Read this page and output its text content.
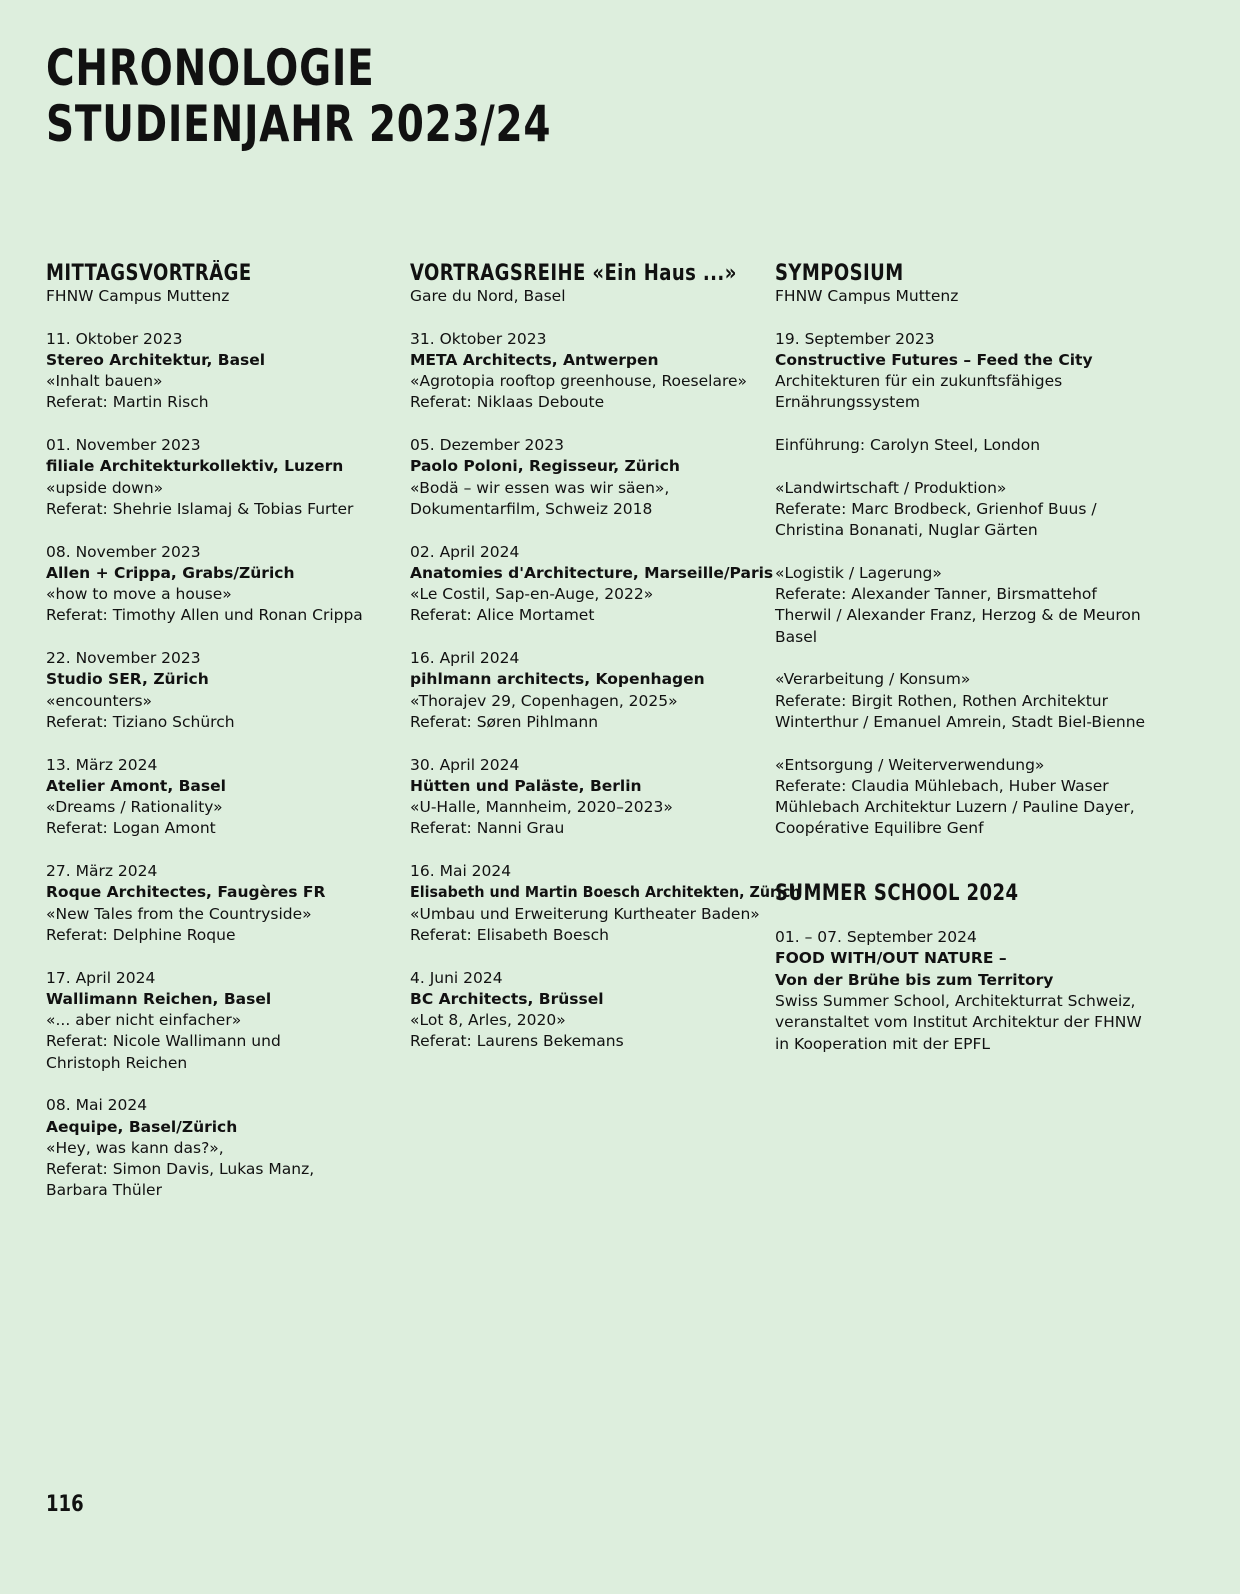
CHRONOLOGIE
STUDIENJAHR 2023/24
MITTAGSVORTRÄGE
FHNW Campus Muttenz
11. Oktober 2023
Stereo Architektur, Basel
«Inhalt bauen»
Referat: Martin Risch
01. November 2023
filiale Architekturkollektiv, Luzern
«upside down»
Referat: Shehrie Islamaj & Tobias Furter
08. November 2023
Allen + Crippa, Grabs/Zürich
«how to move a house»
Referat: Timothy Allen und Ronan Crippa
22. November 2023
Studio SER, Zürich
«encounters»
Referat: Tiziano Schürch
13. März 2024
Atelier Amont, Basel
«Dreams / Rationality»
Referat: Logan Amont
27. März 2024
Roque Architectes, Faugères FR
«New Tales from the Countryside»
Referat: Delphine Roque
17. April 2024
Wallimann Reichen, Basel
«... aber nicht einfacher»
Referat: Nicole Wallimann und
Christoph Reichen
08. Mai 2024
Aequipe, Basel/Zürich
«Hey, was kann das?»,
Referat: Simon Davis, Lukas Manz,
Barbara Thüler
VORTRAGSREIHE «Ein Haus ...»
Gare du Nord, Basel
31. Oktober 2023
META Architects, Antwerpen
«Agrotopia rooftop greenhouse, Roeselare»
Referat: Niklaas Deboute
05. Dezember 2023
Paolo Poloni, Regisseur, Zürich
«Bodä – wir essen was wir säen»,
Dokumentarfilm, Schweiz 2018
02. April 2024
Anatomies d'Architecture, Marseille/Paris
«Le Costil, Sap-en-Auge, 2022»
Referat: Alice Mortamet
16. April 2024
pihlmann architects, Kopenhagen
«Thorajev 29, Copenhagen, 2025»
Referat: Søren Pihlmann
30. April 2024
Hütten und Paläste, Berlin
«U-Halle, Mannheim, 2020–2023»
Referat: Nanni Grau
16. Mai 2024
Elisabeth und Martin Boesch Architekten, Zürich
«Umbau und Erweiterung Kurtheater Baden»
Referat: Elisabeth Boesch
4. Juni 2024
BC Architects, Brüssel
«Lot 8, Arles, 2020»
Referat: Laurens Bekemans
SYMPOSIUM
FHNW Campus Muttenz
19. September 2023
Constructive Futures – Feed the City
Architekturen für ein zukunftsfähiges
Ernährungssystem
Einführung: Carolyn Steel, London
«Landwirtschaft / Produktion»
Referate: Marc Brodbeck, Grienhof Buus /
Christina Bonanati, Nuglar Gärten
«Logistik / Lagerung»
Referate: Alexander Tanner, Birsmattehof
Therwil / Alexander Franz, Herzog & de Meuron
Basel
«Verarbeitung / Konsum»
Referate: Birgit Rothen, Rothen Architektur
Winterthur / Emanuel Amrein, Stadt Biel-Bienne
«Entsorgung / Weiterverwendung»
Referate: Claudia Mühlebach, Huber Waser
Mühlebach Architektur Luzern / Pauline Dayer,
Coopérative Equilibre Genf
SUMMER SCHOOL 2024
01. – 07. September 2024
FOOD WITH/OUT NATURE –
Von der Brühe bis zum Territory
Swiss Summer School, Architekturrat Schweiz,
veranstaltet vom Institut Architektur der FHNW
in Kooperation mit der EPFL
116
